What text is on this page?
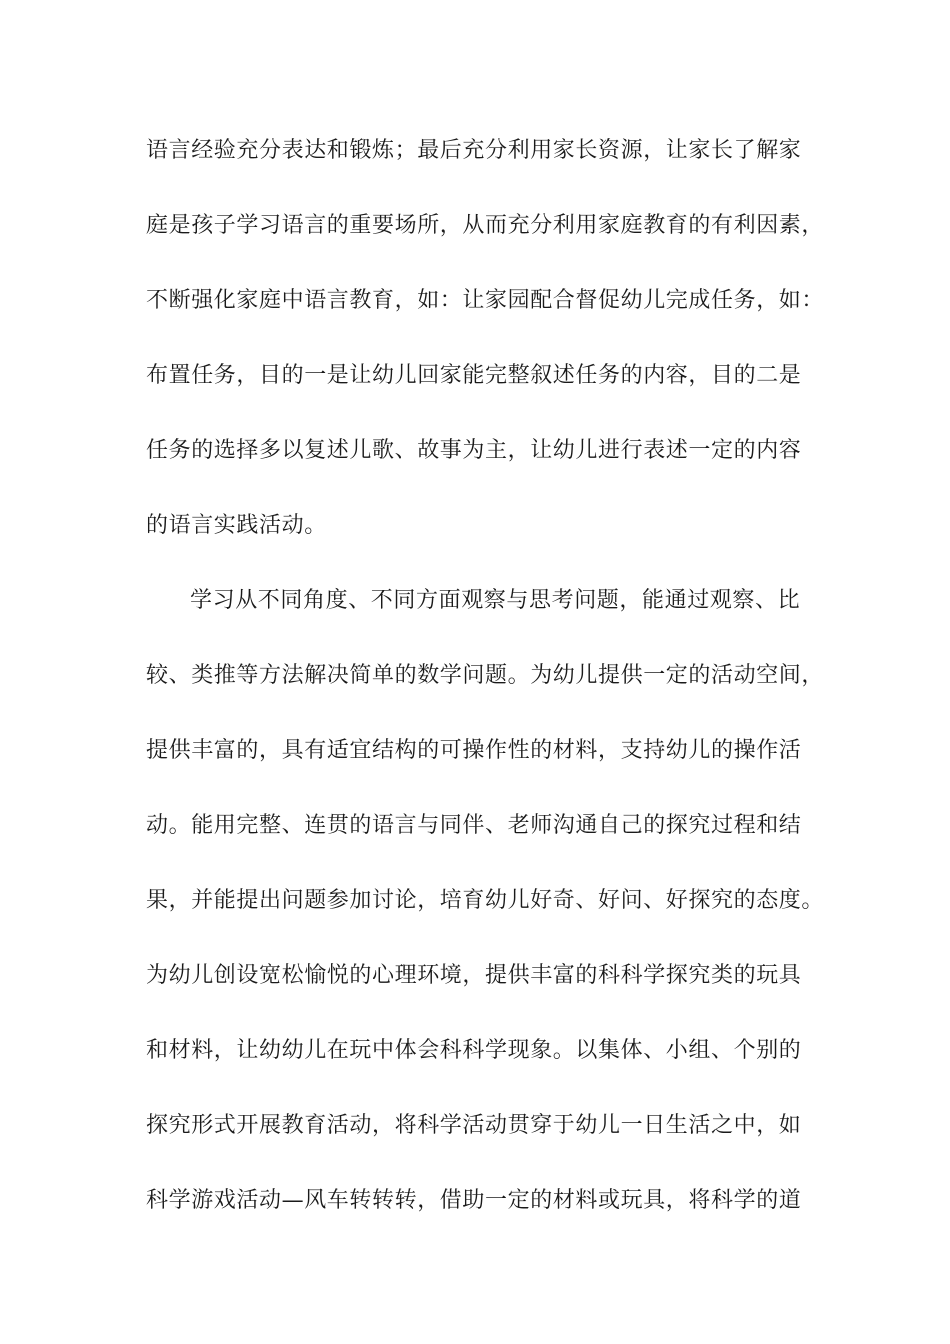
语言经验充分表达和锻炼；最后充分利用家长资源，让家长了解家
庭是孩子学习语言的重要场所，从而充分利用家庭教育的有利因素，
不断强化家庭中语言教育，如：让家园配合督促幼儿完成任务，如：
布置任务，目的一是让幼儿回家能完整叙述任务的内容，目的二是
任务的选择多以复述儿歌、故事为主，让幼儿进行表述一定的内容
的语言实践活动。
学习从不同角度、不同方面观察与思考问题，能通过观察、比
较、类推等方法解决简单的数学问题。为幼儿提供一定的活动空间，
提供丰富的，具有适宜结构的可操作性的材料，支持幼儿的操作活
动。能用完整、连贯的语言与同伴、老师沟通自己的探究过程和结
果，并能提出问题参加讨论，培育幼儿好奇、好问、好探究的态度。
为幼儿创设宽松愉悦的心理环境，提供丰富的科科学探究类的玩具
和材料，让幼幼儿在玩中体会科科学现象。以集体、小组、个别的
探究形式开展教育活动，将科学活动贯穿于幼儿一日生活之中，如
科学游戏活动—风车转转转，借助一定的材料或玩具，将科学的道
